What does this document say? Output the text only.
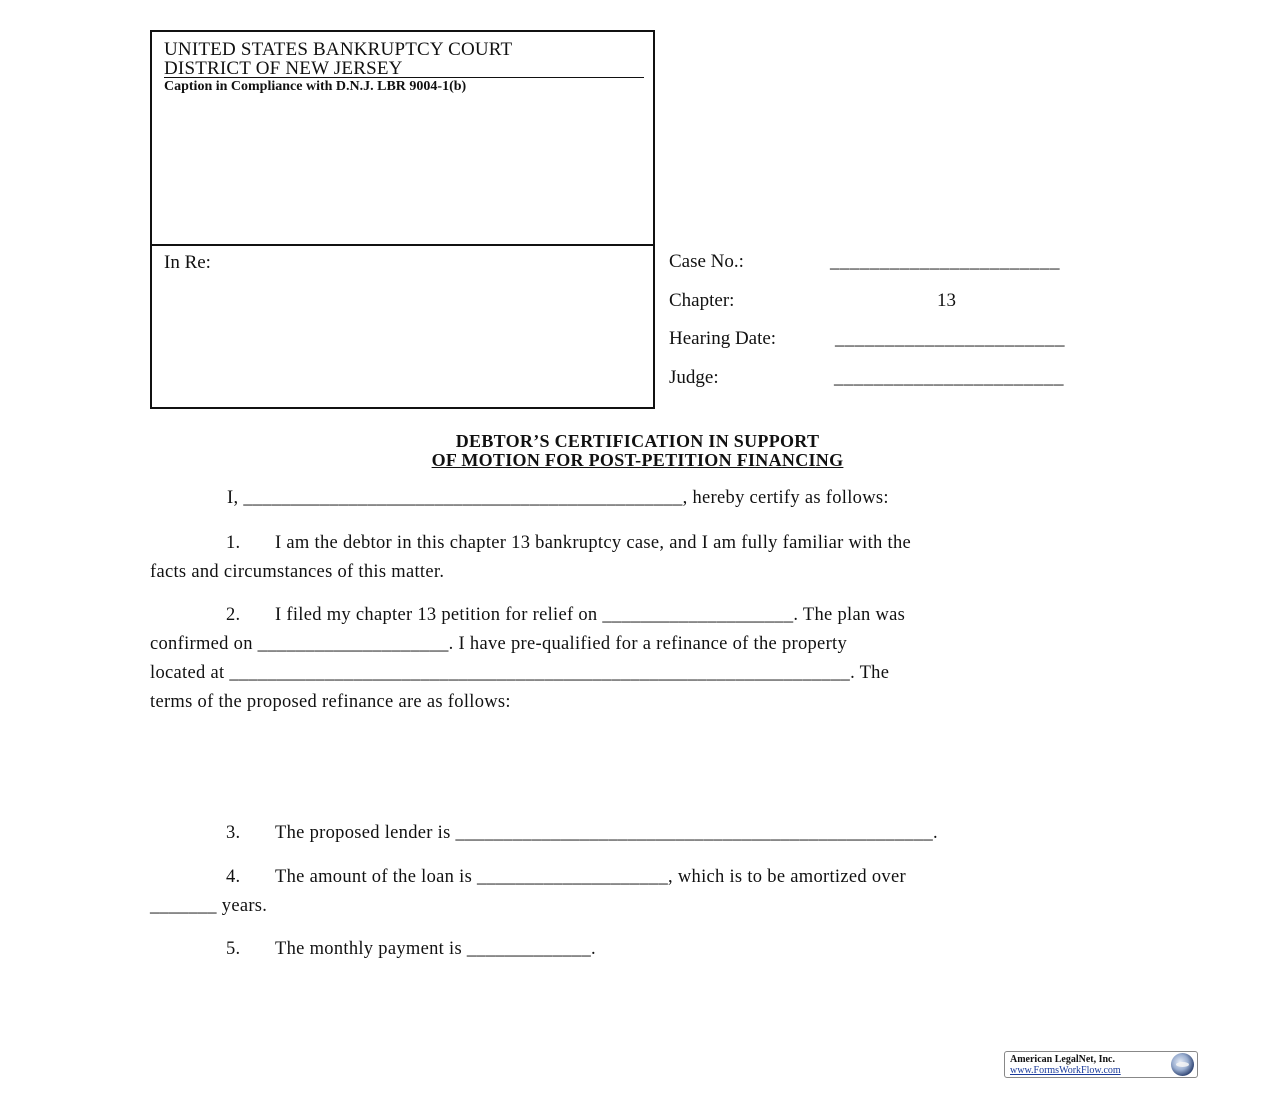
UNITED STATES BANKRUPTCY COURT
DISTRICT OF NEW JERSEY
Caption in Compliance with D.N.J. LBR 9004-1(b)
In Re:	Case No.:	_______________________
Chapter:	13
Hearing Date:	_______________________
Judge:	_______________________
DEBTOR’S CERTIFICATION IN SUPPORT
OF MOTION FOR POST-PETITION FINANCING
I, ______________________________________________, hereby certify as follows:
1. I am the debtor in this chapter 13 bankruptcy case, and I am fully familiar with the
facts and circumstances of this matter.
2. I filed my chapter 13 petition for relief on ____________________. The plan was
confirmed on ____________________. I have pre-qualified for a refinance of the property
located at _________________________________________________________________. The
terms of the proposed refinance are as follows:
3. The proposed lender is __________________________________________________.
4. The amount of the loan is ____________________, which is to be amortized over
_______ years.
5. The monthly payment is _____________.
American LegalNet, Inc.
www.FormsWorkFlow.com
